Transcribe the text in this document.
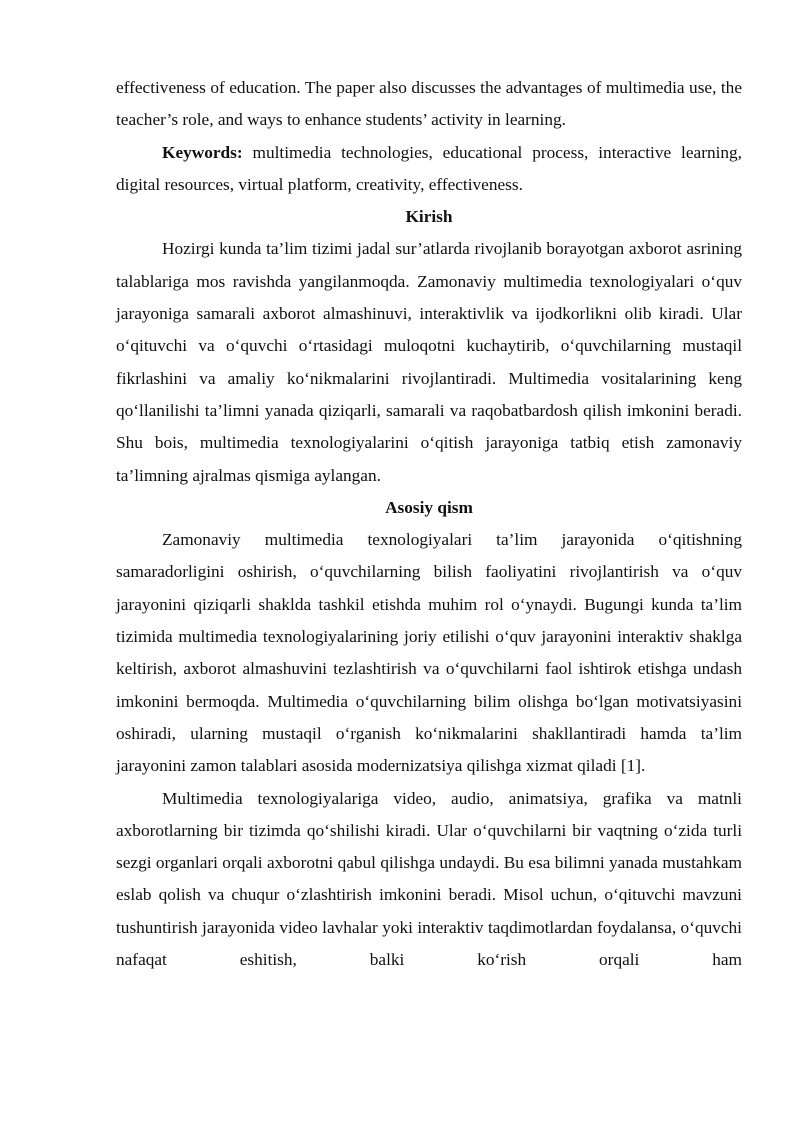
effectiveness of education. The paper also discusses the advantages of multimedia use, the teacher’s role, and ways to enhance students’ activity in learning.

Keywords: multimedia technologies, educational process, interactive learning, digital resources, virtual platform, creativity, effectiveness.

Kirish

Hozirgi kunda ta’lim tizimi jadal sur’atlarda rivojlanib borayotgan axborot asrining talablariga mos ravishda yangilanmoqda. Zamonaviy multimedia texnologiyalari o‘quv jarayoniga samarali axborot almashinuvi, interaktivlik va ijodkorlikni olib kiradi. Ular o‘qituvchi va o‘quvchi o‘rtasidagi muloqotni kuchaytirib, o‘quvchilarning mustaqil fikrlashini va amaliy ko‘nikmalarini rivojlantiradi. Multimedia vositalarining keng qo‘llanilishi ta’limni yanada qiziqarli, samarali va raqobatbardosh qilish imkonini beradi. Shu bois, multimedia texnologiyalarini o‘qitish jarayoniga tatbiq etish zamonaviy ta’limning ajralmas qismiga aylangan.

Asosiy qism

Zamonaviy multimedia texnologiyalari ta’lim jarayonida o‘qitishning samaradorligini oshirish, o‘quvchilarning bilish faoliyatini rivojlantirish va o‘quv jarayonini qiziqarli shaklda tashkil etishda muhim rol o‘ynaydi. Bugungi kunda ta’lim tizimida multimedia texnologiyalarining joriy etilishi o‘quv jarayonini interaktiv shaklga keltirish, axborot almashuvini tezlashtirish va o‘quvchilarni faol ishtirok etishga undash imkonini bermoqda. Multimedia o‘quvchilarning bilim olishga bo‘lgan motivatsiyasini oshiradi, ularning mustaqil o‘rganish ko‘nikmalarini shakllantiradi hamda ta’lim jarayonini zamon talablari asosida modernizatsiya qilishga xizmat qiladi [1].

Multimedia texnologiyalariga video, audio, animatsiya, grafika va matnli axborotlarning bir tizimda qo‘shilishi kiradi. Ular o‘quvchilarni bir vaqtning o‘zida turli sezgi organlari orqali axborotni qabul qilishga undaydi. Bu esa bilimni yanada mustahkam eslab qolish va chuqur o‘zlashtirish imkonini beradi. Misol uchun, o‘qituvchi mavzuni tushuntirish jarayonida video lavhalar yoki interaktiv taqdimotlardan foydalansa, o‘quvchi nafaqat eshitish, balki ko‘rish orqali ham
